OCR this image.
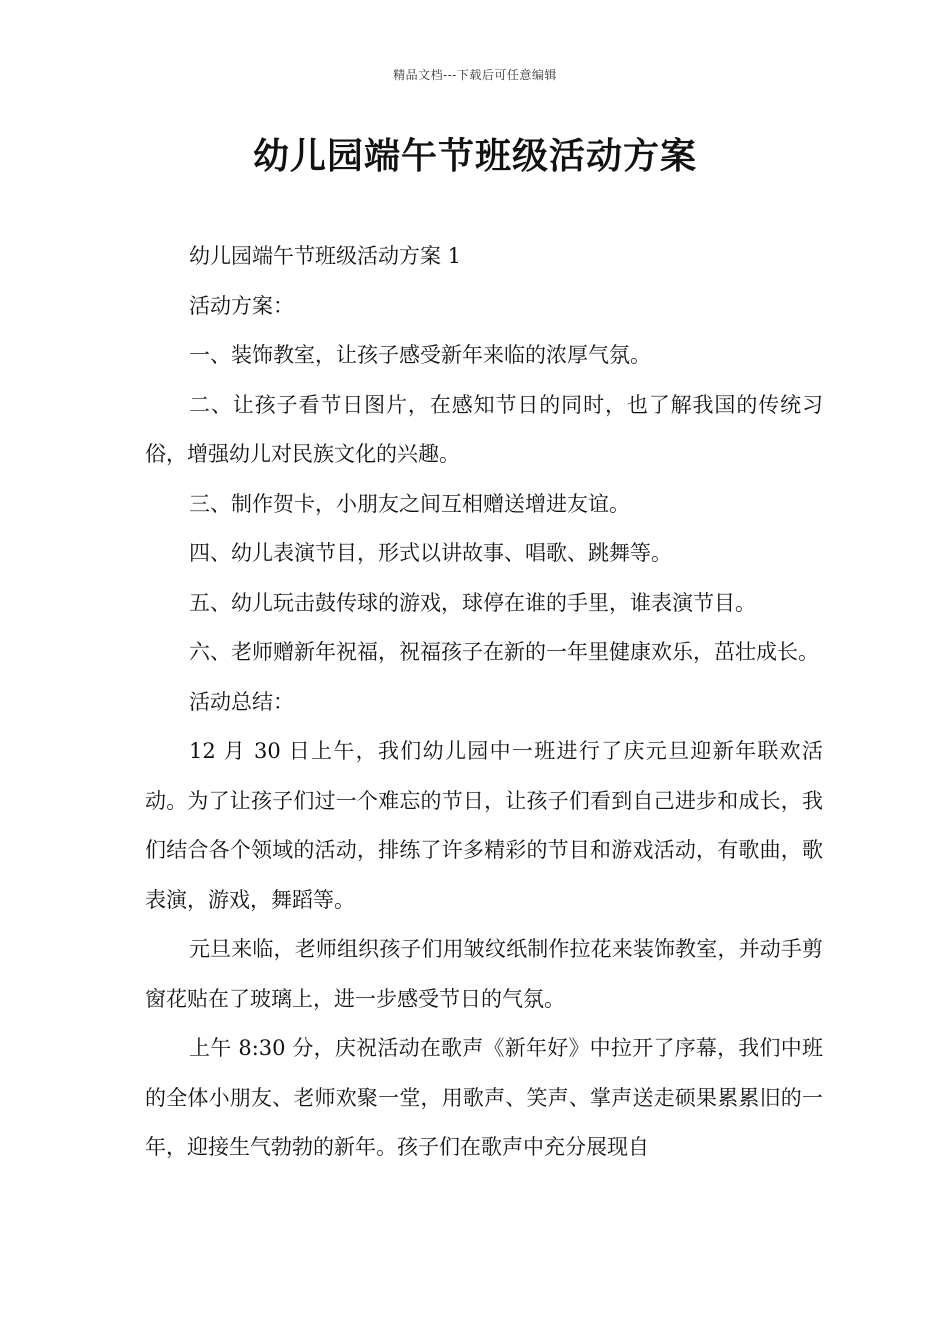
精品文档---下载后可任意编辑
幼儿园端午节班级活动方案

幼儿园端午节班级活动方案 1

活动方案：

一、装饰教室，让孩子感受新年来临的浓厚气氛。

二、让孩子看节日图片，在感知节日的同时，也了解我国的传统习俗，增强幼儿对民族文化的兴趣。

三、制作贺卡，小朋友之间互相赠送增进友谊。

四、幼儿表演节目，形式以讲故事、唱歌、跳舞等。

五、幼儿玩击鼓传球的游戏，球停在谁的手里，谁表演节目。

六、老师赠新年祝福，祝福孩子在新的一年里健康欢乐，茁壮成长。

活动总结：

12 月 30 日上午，我们幼儿园中一班进行了庆元旦迎新年联欢活动。为了让孩子们过一个难忘的节日，让孩子们看到自己进步和成长，我们结合各个领域的活动，排练了许多精彩的节目和游戏活动，有歌曲，歌表演，游戏，舞蹈等。

元旦来临，老师组织孩子们用皱纹纸制作拉花来装饰教室，并动手剪窗花贴在了玻璃上，进一步感受节日的气氛。

上午 8:30 分，庆祝活动在歌声《新年好》中拉开了序幕，我们中班的全体小朋友、老师欢聚一堂，用歌声、笑声、掌声送走硕果累累旧的一年，迎接生气勃勃的新年。孩子们在歌声中充分展现自
